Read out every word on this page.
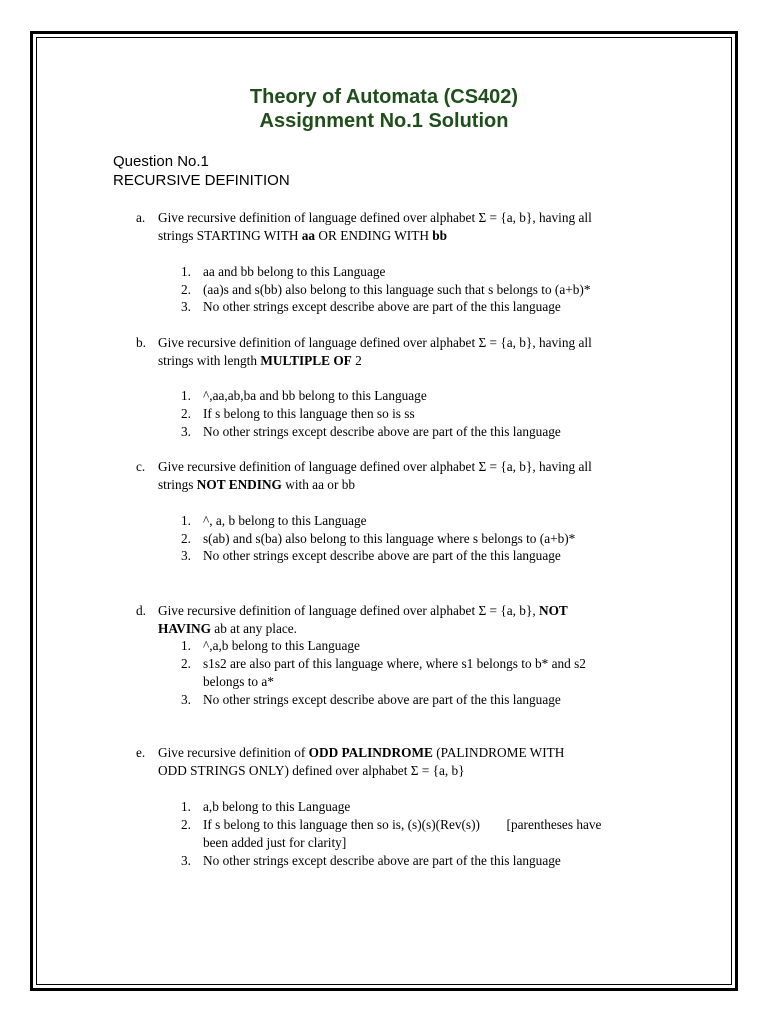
Theory of Automata (CS402)
Assignment No.1 Solution
Question No.1
RECURSIVE DEFINITION
a. Give recursive definition of language defined over alphabet Σ = {a, b}, having all
strings STARTING WITH aa OR ENDING WITH bb
1. aa and bb belong to this Language
2. (aa)s and s(bb) also belong to this language such that s belongs to (a+b)*
3. No other strings except describe above are part of the this language
b. Give recursive definition of language defined over alphabet Σ = {a, b}, having all
strings with length MULTIPLE OF 2
1. ^,aa,ab,ba and bb belong to this Language
2. If s belong to this language then so is ss
3. No other strings except describe above are part of the this language
c. Give recursive definition of language defined over alphabet Σ = {a, b}, having all
strings NOT ENDING with aa or bb
1. ^, a, b belong to this Language
2. s(ab) and s(ba) also belong to this language where s belongs to (a+b)*
3. No other strings except describe above are part of the this language
d. Give recursive definition of language defined over alphabet Σ = {a, b}, NOT
HAVING ab at any place.
1. ^,a,b belong to this Language
2. s1s2 are also part of this language where, where s1 belongs to b* and s2
belongs to a*
3. No other strings except describe above are part of the this language
e. Give recursive definition of ODD PALINDROME (PALINDROME WITH
ODD STRINGS ONLY) defined over alphabet Σ = {a, b}
1. a,b belong to this Language
2. If s belong to this language then so is, (s)(s)(Rev(s))        [parentheses have
been added just for clarity]
3. No other strings except describe above are part of the this language
